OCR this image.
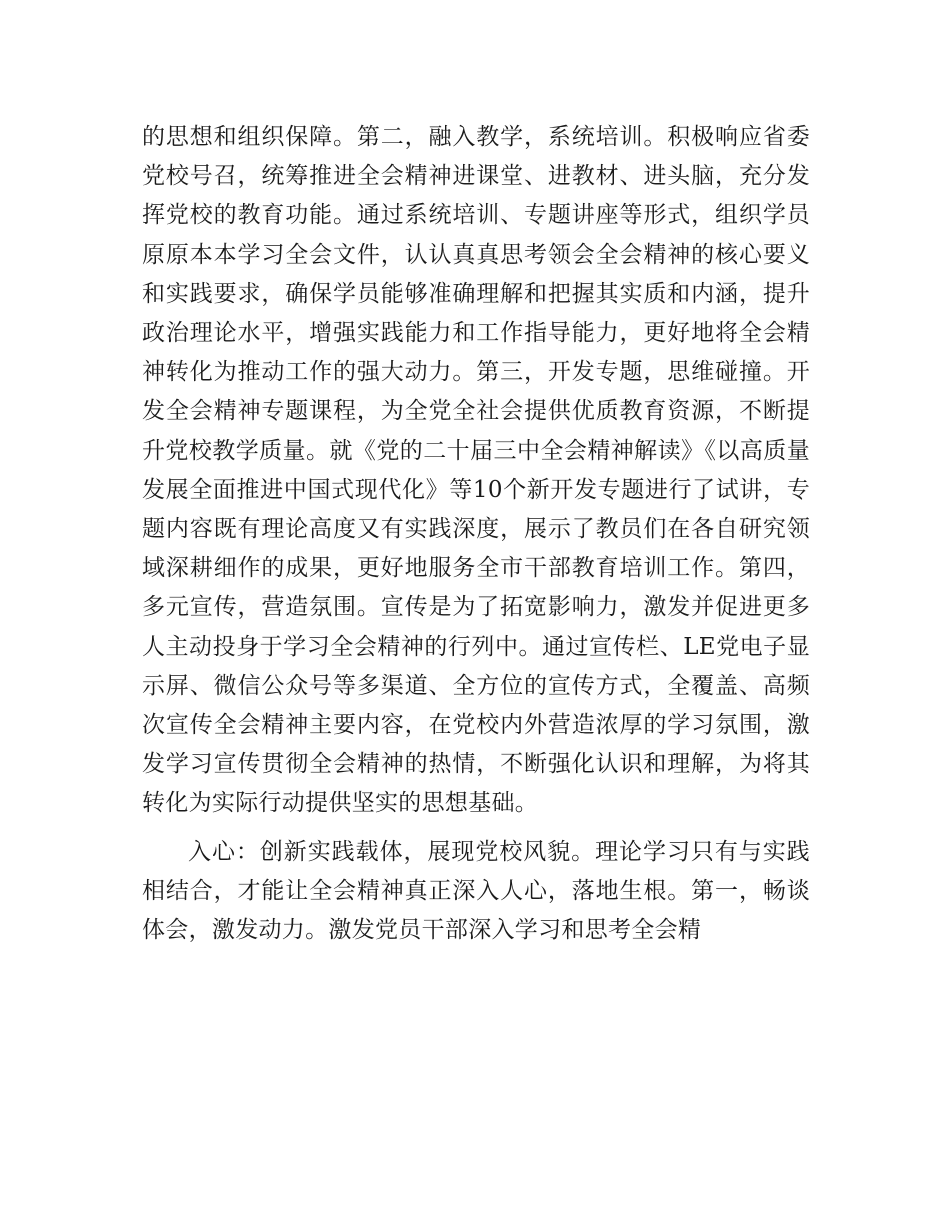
的思想和组织保障。第二，融入教学，系统培训。积极响应省委党校号召，统筹推进全会精神进课堂、进教材、进头脑，充分发挥党校的教育功能。通过系统培训、专题讲座等形式，组织学员原原本本学习全会文件，认认真真思考领会全会精神的核心要义和实践要求，确保学员能够准确理解和把握其实质和内涵，提升政治理论水平，增强实践能力和工作指导能力，更好地将全会精神转化为推动工作的强大动力。第三，开发专题，思维碰撞。开发全会精神专题课程，为全党全社会提供优质教育资源，不断提升党校教学质量。就《党的二十届三中全会精神解读》《以高质量发展全面推进中国式现代化》等10个新开发专题进行了试讲，专题内容既有理论高度又有实践深度，展示了教员们在各自研究领域深耕细作的成果，更好地服务全市干部教育培训工作。第四，多元宣传，营造氛围。宣传是为了拓宽影响力，激发并促进更多人主动投身于学习全会精神的行列中。通过宣传栏、LE党电子显示屏、微信公众号等多渠道、全方位的宣传方式，全覆盖、高频次宣传全会精神主要内容，在党校内外营造浓厚的学习氛围，激发学习宣传贯彻全会精神的热情，不断强化认识和理解，为将其转化为实际行动提供坚实的思想基础。

入心：创新实践载体，展现党校风貌。理论学习只有与实践相结合，才能让全会精神真正深入人心，落地生根。第一，畅谈体会，激发动力。激发党员干部深入学习和思考全会精
